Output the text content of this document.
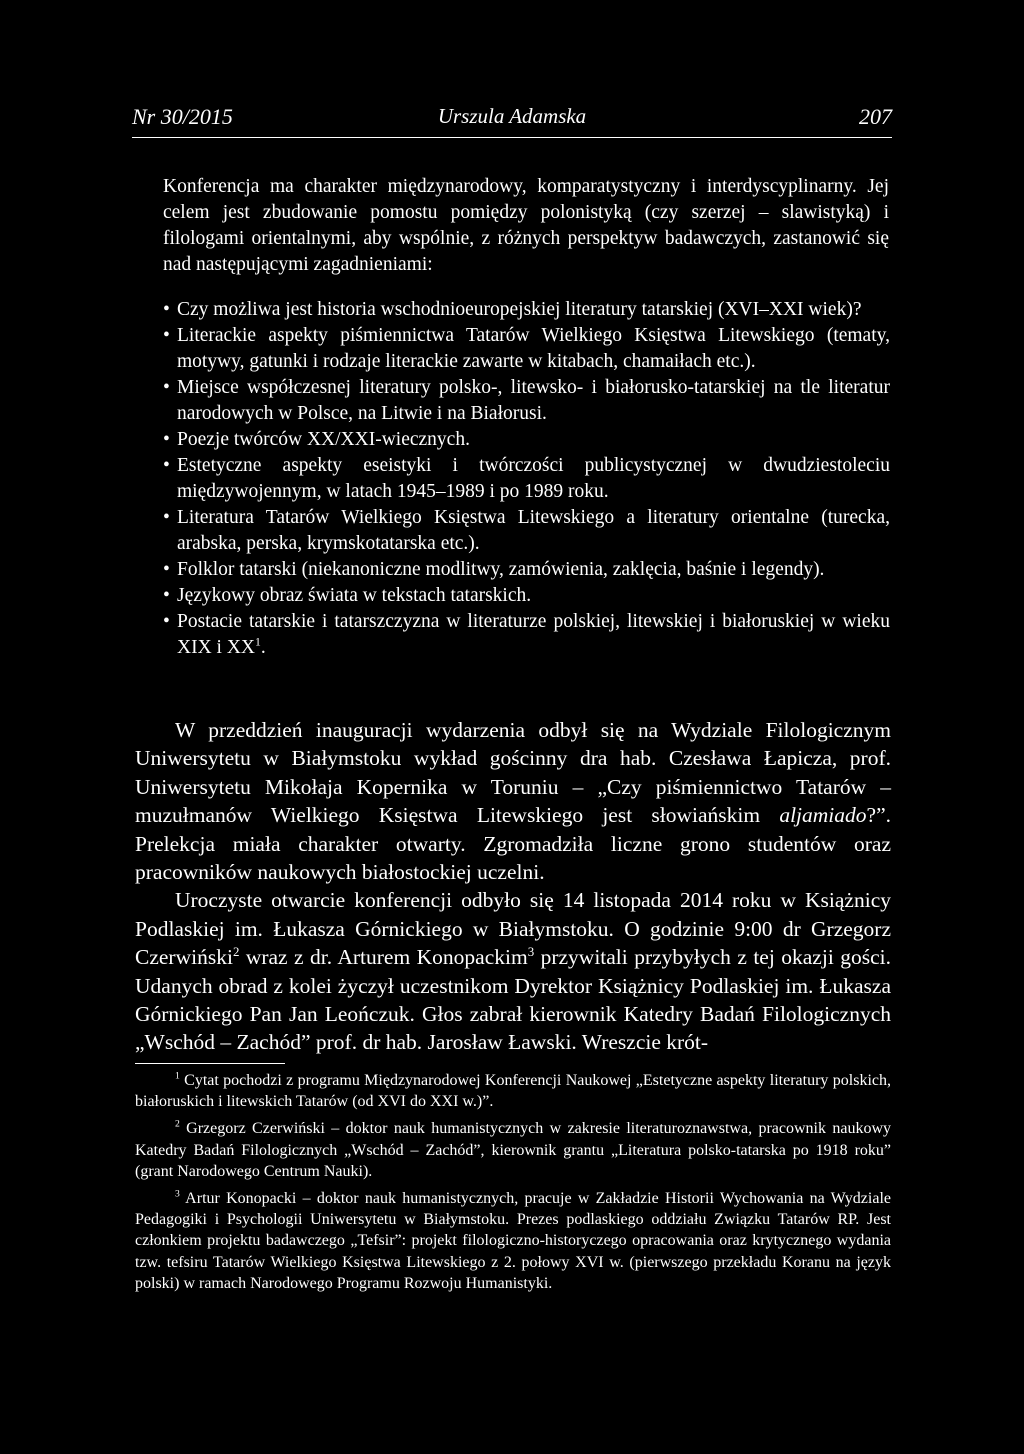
Nr 30/2015	Urszula Adamska	207

Konferencja ma charakter międzynarodowy, komparatystyczny i interdyscyplinarny. Jej celem jest zbudowanie pomostu pomiędzy polonistyką (czy szerzej – slawistyką) i filologami orientalnymi, aby wspólnie, z różnych perspektyw badawczych, zastanowić się nad następującymi zagadnieniami:

• Czy możliwa jest historia wschodnioeuropejskiej literatury tatarskiej (XVI–XXI wiek)?
• Literackie aspekty piśmiennictwa Tatarów Wielkiego Księstwa Litewskiego (tematy, motywy, gatunki i rodzaje literackie zawarte w kitabach, chamaiłach etc.).
• Miejsce współczesnej literatury polsko-, litewsko- i białorusko-tatarskiej na tle literatur narodowych w Polsce, na Litwie i na Białorusi.
• Poezje twórców XX/XXI-wiecznych.
• Estetyczne aspekty eseistyki i twórczości publicystycznej w dwudziestoleciu międzywojennym, w latach 1945–1989 i po 1989 roku.
• Literatura Tatarów Wielkiego Księstwa Litewskiego a literatury orientalne (turecka, arabska, perska, krymskotatarska etc.).
• Folklor tatarski (niekanoniczne modlitwy, zamówienia, zaklęcia, baśnie i legendy).
• Językowy obraz świata w tekstach tatarskich.
• Postacie tatarskie i tatarszczyzna w literaturze polskiej, litewskiej i białoruskiej w wieku XIX i $XX^1$.

W przeddzień inauguracji wydarzenia odbył się na Wydziale Filologicznym Uniwersytetu w Białymstoku wykład gościnny dra hab. Czesława Łapicza, prof. Uniwersytetu Mikołaja Kopernika w Toruniu – „Czy piśmiennictwo Tatarów – muzułmanów Wielkiego Księstwa Litewskiego jest słowiańskim aljamiado?”. Prelekcja miała charakter otwarty. Zgromadziła liczne grono studentów oraz pracowników naukowych białostockiej uczelni.

Uroczyste otwarcie konferencji odbyło się 14 listopada 2014 roku w Książnicy Podlaskiej im. Łukasza Górnickiego w Białymstoku. O godzinie 9:00 dr Grzegorz Czerwiński$^2$ wraz z dr. Arturem Konopackim$^3$ przywitali przybyłych z tej okazji gości. Udanych obrad z kolei życzył uczestnikom Dyrektor Książnicy Podlaskiej im. Łukasza Górnickiego Pan Jan Leończuk. Głos zabrał kierownik Katedry Badań Filologicznych „Wschód – Zachód” prof. dr hab. Jarosław Ławski. Wreszcie krót-

$^1$ Cytat pochodzi z programu Międzynarodowej Konferencji Naukowej „Estetyczne aspekty literatury polskich, białoruskich i litewskich Tatarów (od XVI do XXI w.)”.

$^2$ Grzegorz Czerwiński – doktor nauk humanistycznych w zakresie literaturoznawstwa, pracownik naukowy Katedry Badań Filologicznych „Wschód – Zachód”, kierownik grantu „Literatura polsko-tatarska po 1918 roku” (grant Narodowego Centrum Nauki).

$^3$ Artur Konopacki – doktor nauk humanistycznych, pracuje w Zakładzie Historii Wychowania na Wydziale Pedagogiki i Psychologii Uniwersytetu w Białymstoku. Prezes podlaskiego oddziału Związku Tatarów RP. Jest członkiem projektu badawczego „Tefsir”: projekt filologiczno-historyczego opracowania oraz krytycznego wydania tzw. tefsiru Tatarów Wielkiego Księstwa Litewskiego z 2. połowy XVI w. (pierwszego przekładu Koranu na język polski) w ramach Narodowego Programu Rozwoju Humanistyki.
